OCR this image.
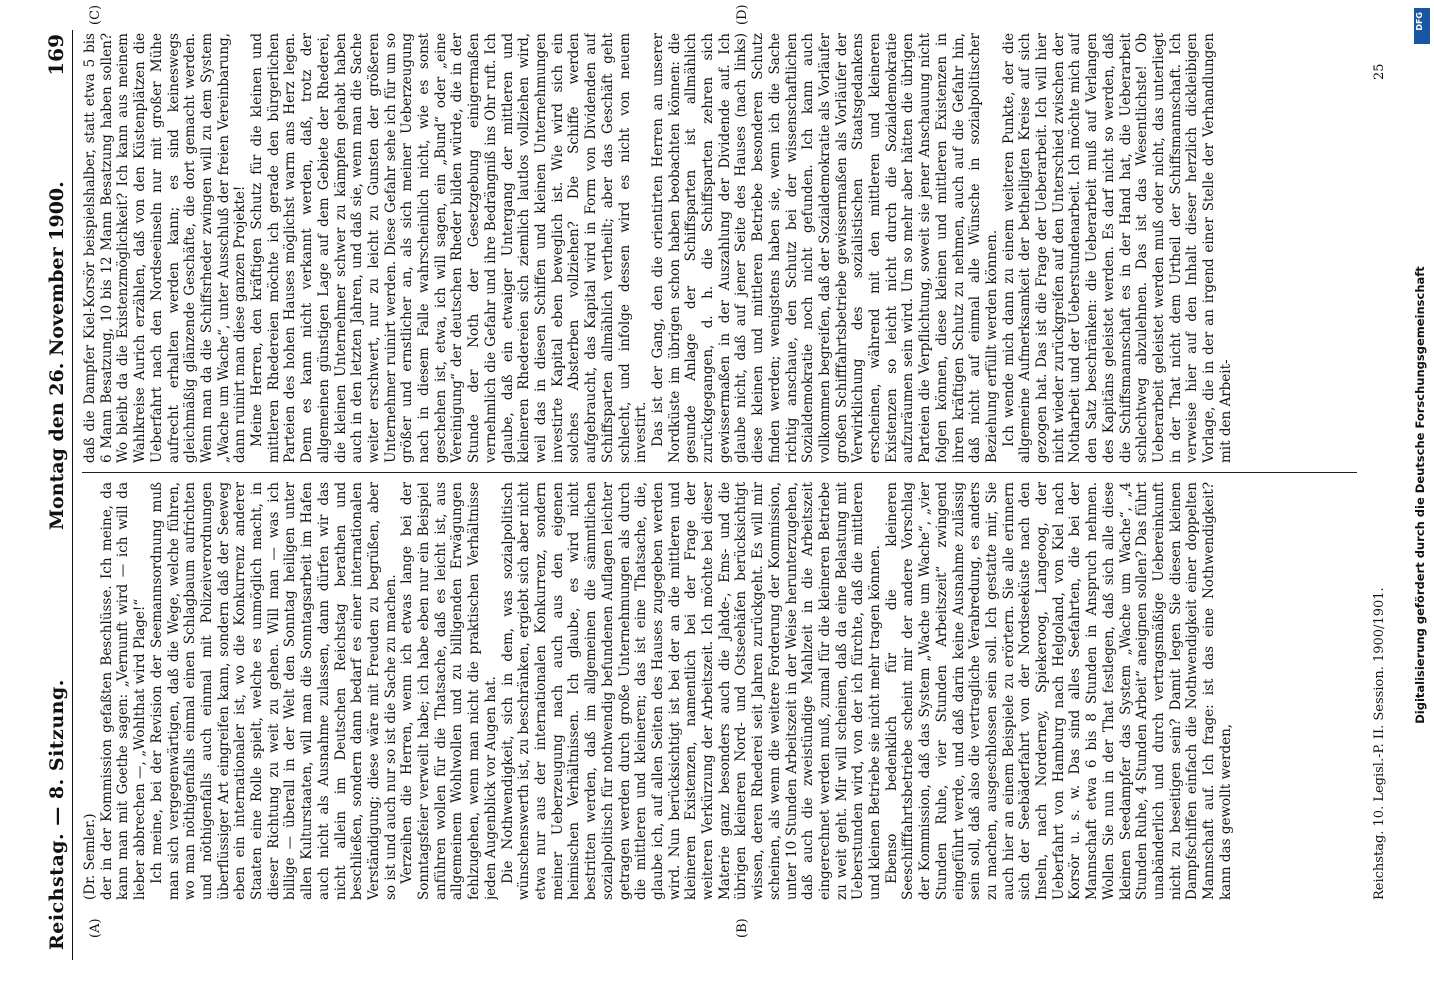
Reichstag. — 8. Sitzung.
Montag den 26. November 1900.
169
(A)	(B)
(C)	(D)

(Dr. Semler.) der in der Kommission gefaßten Beschlüsse. Ich meine, da kann man mit Goethe sagen: „Vernunft wird — ich will da lieber abbrechen —, „Wohlthat wird Plage!“ Ich meine, bei der Revision der Seemannsordnung muß man sich vergegenwärtigen, daß die Wege, welche führen, wo man nöthigenfalls einmal einen Schlagbaum aufrichten und nöthigenfalls auch einmal mit Polizeiverordnungen überflüssiger Art eingreifen kann, sondern daß der Seeweg eben ein internationaler ist, wo die Konkurrenz anderer Staaten eine Rolle spielt, welche es unmöglich macht, in dieser Richtung zu weit zu gehen. Will man — was ich billige — überall in der Welt den Sonntag heiligen unter allen Kulturstaaten, will man die Sonntagsarbeit im Hafen auch nicht als Ausnahme zulassen, dann dürfen wir das nicht allein im Deutschen Reichstag berathen und beschließen, sondern dann bedarf es einer internationalen Verständigung; diese wäre mit Freuden zu begrüßen, aber so ist und auch nur so ist die Sache zu machen. Verzeihen die Herren, wenn ich etwas lange bei der Sonntagsfeier verweilt habe; ich habe eben nur ein Beispiel anführen wollen für die Thatsache, daß es leicht ist, aus allgemeinem Wohlwollen und zu billigenden Erwägungen fehlzugehen, wenn man nicht die praktischen Verhältnisse jeden Augenblick vor Augen hat. Die Nothwendigkeit, sich in dem, was sozialpolitisch wünschenswerth ist, zu beschränken, ergiebt sich aber nicht etwa nur aus der internationalen Konkurrenz, sondern meiner Ueberzeugung nach auch aus den eigenen heimischen Verhältnissen. Ich glaube, es wird nicht bestritten werden, daß im allgemeinen die sämmtlichen sozialpolitisch für nothwendig befundenen Auflagen leichter getragen werden durch große Unternehmungen als durch die mittleren und kleineren; das ist eine Thatsache, die, glaube ich, auf allen Seiten des Hauses zugegeben werden wird. Nun berücksichtigt ist bei der an die mittleren und kleineren Existenzen, namentlich bei der Frage der weiteren Verkürzung der Arbeitszeit. Ich möchte bei dieser Materie ganz besonders auch die Jahde-, Ems- und die übrigen kleineren Nord- und Ostseehäfen berücksichtigt wissen, deren Rhederei seit Jahren zurückgeht. Es will mir scheinen, als wenn die weitere Forderung der Kommission, unter 10 Stunden Arbeitszeit in der Weise herunterzugehen, daß auch die zweistündige Mahlzeit in die Arbeitszeit eingerechnet werden muß, zumal für die kleineren Betriebe zu weit geht. Mir will scheinen, daß da eine Belastung mit Ueberstunden wird, von der ich fürchte, daß die mittleren und kleinen Betriebe sie nicht mehr tragen können. Ebenso bedenklich für die kleineren Seeschifffahrtsbetriebe scheint mir der andere Vorschlag der Kommission, daß das System „Wache um Wache“, „vier Stunden Ruhe, vier Stunden Arbeitszeit“ zwingend eingeführt werde, und daß darin keine Ausnahme zulässig sein soll, daß also die vertragliche Verabredung, es anders zu machen, ausgeschlossen sein soll. Ich gestatte mir, Sie auch hier an einem Beispiele zu erörtern. Sie alle erinnern sich der Seebäderfahrt von der Nordseeküste nach den Inseln, nach Norderney, Spiekeroog, Langeoog, der Ueberfahrt von Hamburg nach Helgoland, von Kiel nach Korsör u. s. w. Das sind alles Seefahrten, die bei der Mannschaft etwa 6 bis 8 Stunden in Anspruch nehmen. Wollen Sie nun in der That festlegen, daß sich alle diese kleinen Seedampfer das System „Wache um Wache“, „4 Stunden Ruhe, 4 Stunden Arbeit“ aneignen sollen? Das führt unabänderlich und durch vertragsmäßige Uebereinkunft nicht zu beseitigen sein? Damit legen Sie diesen kleinen Dampfschiffen einfach die Nothwendigkeit einer doppelten Mannschaft auf. Ich frage: ist das eine Nothwendigkeit? kann das gewollt werden,

daß die Dampfer Kiel-Korsör beispielshalber, statt etwa 5 bis 6 Mann Besatzung, 10 bis 12 Mann Besatzung haben sollen? Wo bleibt da die Existenzmöglichkeit? Ich kann aus meinem Wahlkreise Aurich erzählen, daß von den Küstenplätzen die Ueberfahrt nach den Nordseeinseln nur mit großer Mühe aufrecht erhalten werden kann; es sind keineswegs gleichmäßig glänzende Geschäfte, die dort gemacht werden. Wenn man da die Schiffsrheder zwingen will zu dem System „Wache um Wache“, unter Ausschluß der freien Vereinbarung, dann ruinirt man diese ganzen Projekte! Meine Herren, den kräftigen Schutz für die kleinen und mittleren Rhedereien möchte ich gerade den bürgerlichen Parteien des hohen Hauses möglichst warm ans Herz legen. Denn es kann nicht verkannt werden, daß, trotz der allgemeinen günstigen Lage auf dem Gebiete der Rhederei, die kleinen Unternehmer schwer zu kämpfen gehabt haben auch in den letzten Jahren, und daß sie, wenn man die Sache weiter erschwert, nur zu leicht zu Gunsten der größeren Unternehmer ruinirt werden. Diese Gefahr sehe ich für um so größer und ernstlicher an, als sich meiner Ueberzeugung nach in diesem Falle wahrscheinlich nicht, wie es sonst geschehen ist, etwa, ich will sagen, ein „Bund“ oder „eine Vereinigung“ der deutschen Rheder bilden würde, die in der Stunde der Noth der Gesetzgebung einigermaßen vernehmlich die Gefahr und ihre Bedrängniß ins Ohr ruft. Ich glaube, daß ein etwaiger Untergang der mittleren und kleineren Rhedereien sich ziemlich lautlos vollziehen wird, weil das in diesen Schiffen und kleinen Unternehmungen investirte Kapital eben beweglich ist. Wie wird sich ein solches Absterben vollziehen? Die Schiffe werden aufgebraucht, das Kapital wird in Form von Dividenden auf Schiffsparten allmählich vertheilt; aber das Geschäft geht schlecht, und infolge dessen wird es nicht von neuem investirt. Das ist der Gang, den die orientirten Herren an unserer Nordküste im übrigen schon haben beobachten können: die gesunde Anlage der Schiffsparten ist allmählich zurückgegangen, d. h. die Schiffsparten zehren sich gewissermaßen in der Auszahlung der Dividende auf. Ich glaube nicht, daß auf jener Seite des Hauses (nach links) diese kleinen und mittleren Betriebe besonderen Schutz finden werden; wenigstens haben sie, wenn ich die Sache richtig anschaue, den Schutz bei der wissenschaftlichen Sozialdemokratie noch nicht gefunden. Ich kann auch vollkommen begreifen, daß der Sozialdemokratie als Vorläufer großen Schifffahrtsbetriebe gewissermaßen als Vorläufer der Verwirklichung des sozialistischen Staatsgedankens erscheinen, während mit den mittleren und kleineren Existenzen so leicht nicht durch die Sozialdemokratie aufzuräumen sein wird. Um so mehr aber hätten die übrigen Parteien die Verpflichtung, soweit sie jener Anschauung nicht folgen können, diese kleinen und mittleren Existenzen in ihren kräftigen Schutz zu nehmen, auch auf die Gefahr hin, daß nicht auf einmal alle Wünsche in sozialpolitischer Beziehung erfüllt werden können. Ich wende mich dann zu einem weiteren Punkte, der die allgemeine Aufmerksamkeit der betheiligten Kreise auf sich gezogen hat. Das ist die Frage der Ueberarbeit. Ich will hier nicht wieder zurückgreifen auf den Unterschied zwischen der Notharbeit und der Ueberstundenarbeit. Ich möchte mich auf den Satz beschränken: die Ueberarbeit muß auf Verlangen des Kapitäns geleistet werden. Es darf nicht so werden, daß die Schiffsmannschaft es in der Hand hat, die Ueberarbeit schlechtweg abzulehnen. Das ist das Wesentlichste! Ob Ueberarbeit geleistet werden muß oder nicht, das unterliegt in der That nicht dem Urtheil der Schiffsmannschaft. Ich verweise hier auf den Inhalt dieser herzlich dickleibigen Vorlage, die in der an irgend einer Stelle der Verhandlungen mit den Arbeit-

Reichstag. 10. Legisl.-P. II. Session. 1900/1901.
25
Digitalisierung gefördert durch die Deutsche Forschungsgemeinschaft
DFG
